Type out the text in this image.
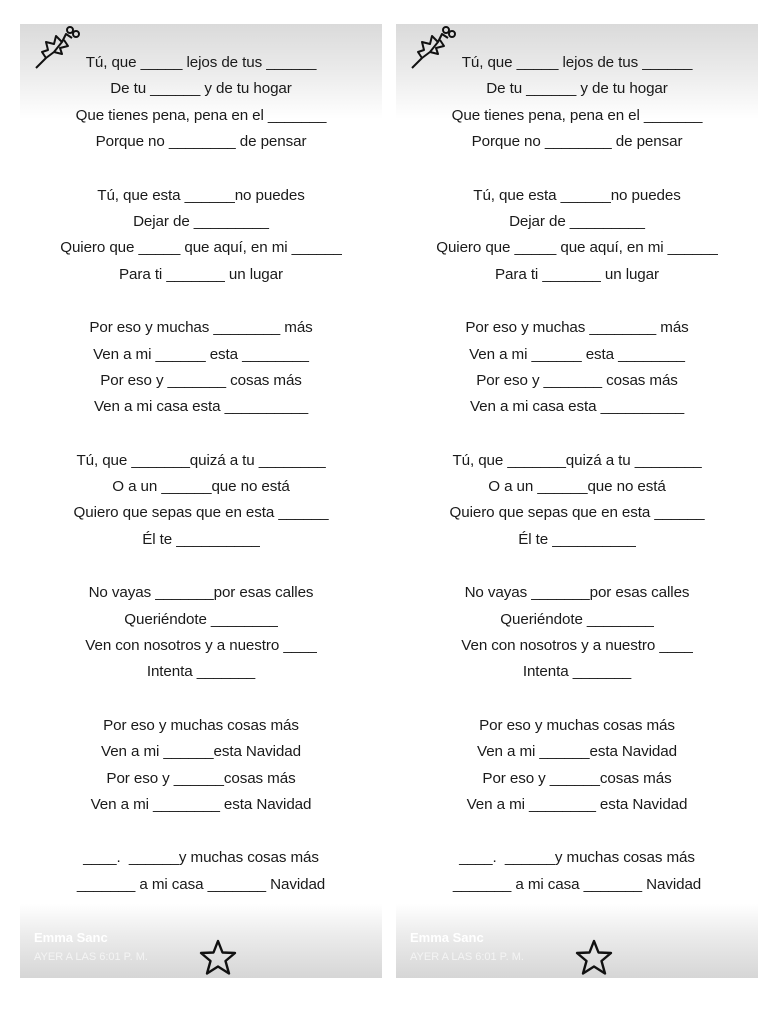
Tú, que _____ lejos de tus ______
De tu ______ y de tu hogar
Que tienes pena, pena en el _______
Porque no ________ de pensar
Tú, que esta ______no puedes
Dejar de _________
Quiero que _____ que aquí, en mi ______
Para ti _______ un lugar
Por eso y muchas ________ más
Ven a mi ______ esta ________
Por eso y _______ cosas más
Ven a mi casa esta __________
Tú, que _______quizá a tu ________
O a un ______que no está
Quiero que sepas que en esta ______
Él te __________
No vayas _______por esas calles
Queriéndote ________
Ven con nosotros y a nuestro ____
Intenta _______
Por eso y muchas cosas más
Ven a mi ______esta Navidad
Por eso y ______cosas más
Ven a mi ________ esta Navidad
____.  ______y muchas cosas más
_______ a mi casa _______ Navidad
Emma Sanc
AYER A LAS 6:01 P. M.
Tú, que _____ lejos de tus ______
De tu ______ y de tu hogar
Que tienes pena, pena en el _______
Porque no ________ de pensar
Tú, que esta ______no puedes
Dejar de _________
Quiero que _____ que aquí, en mi ______
Para ti _______ un lugar
Por eso y muchas ________ más
Ven a mi ______ esta ________
Por eso y _______ cosas más
Ven a mi casa esta __________
Tú, que _______quizá a tu ________
O a un ______que no está
Quiero que sepas que en esta ______
Él te __________
No vayas _______por esas calles
Queriéndote ________
Ven con nosotros y a nuestro ____
Intenta _______
Por eso y muchas cosas más
Ven a mi ______esta Navidad
Por eso y ______cosas más
Ven a mi ________ esta Navidad
____.  ______y muchas cosas más
_______ a mi casa _______ Navidad
Emma Sanc
AYER A LAS 6:01 P. M.
